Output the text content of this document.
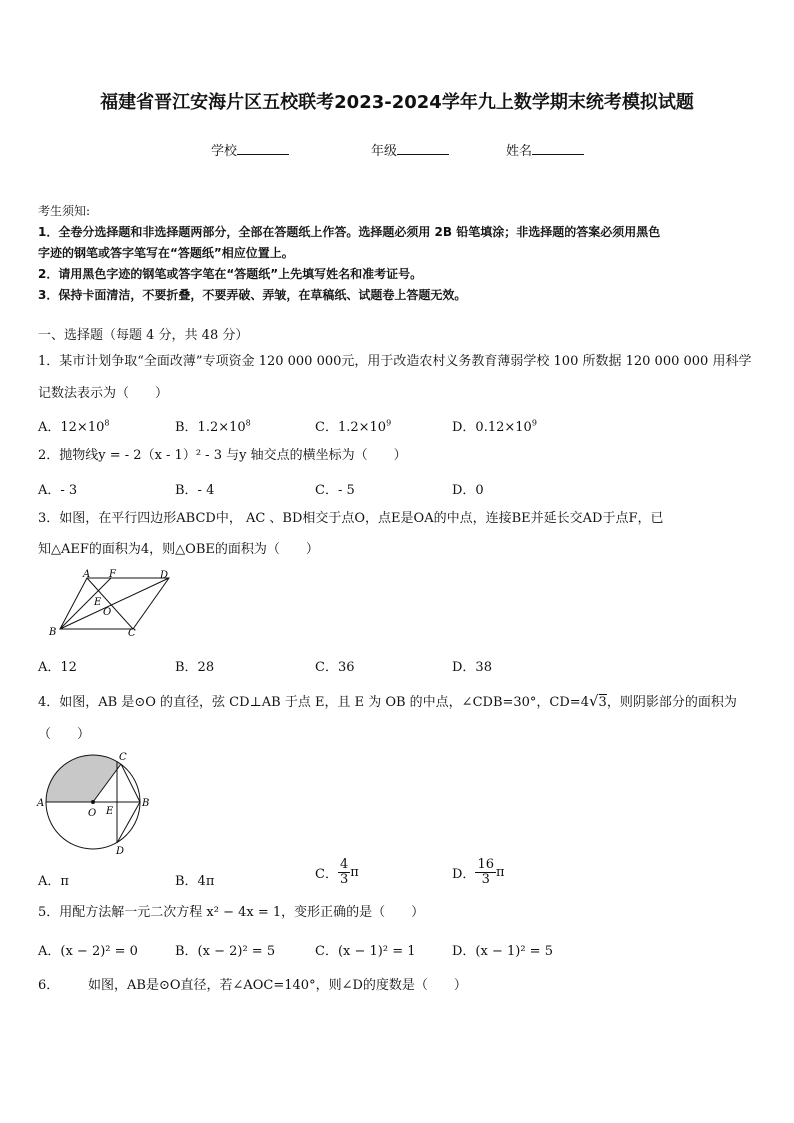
福建省晋江安海片区五校联考2023-2024学年九上数学期末统考模拟试题
学校	年级	姓名
考生须知:
1．全卷分选择题和非选择题两部分，全部在答题纸上作答。选择题必须用 2B 铅笔填涂；非选择题的答案必须用黑色
字迹的钢笔或答字笔写在“答题纸”相应位置上。
2．请用黑色字迹的钢笔或答字笔在“答题纸”上先填写姓名和准考证号。
3．保持卡面清洁，不要折叠，不要弄破、弄皱，在草稿纸、试题卷上答题无效。
一、选择题（每题 4 分，共 48 分）
1．某市计划争取“全面改薄”专项资金 120 000 000元，用于改造农村义务教育薄弱学校 100 所数据 120 000 000 用科学
记数法表示为（　　）
A．$12\times 10^8$	B．$1.2\times 10^8$	C．$1.2\times 10^9$	D．$0.12\times 10^9$
2．抛物线y = - 2（x - 1）² - 3 与y 轴交点的横坐标为（　　）
A．- 3	B．- 4	C．- 5	D．0
3．如图，在平行四边形ABCD中， AC 、BD相交于点O，点E是OA的中点，连接BE并延长交AD于点F，已
知△AEF的面积为4，则△OBE的面积为（　　）
A F	D
E
O
B	C
A．12	B．28	C．36	D．38
4．如图，AB 是⊙O 的直径，弦 CD⊥AB 于点 E，且 E 为 OB 的中点，∠CDB=30°，CD=4√3，则阴影部分的面积为
（　　）
C
A
O E
B
D
A．π	B．4π	C． $\frac{4}{3}$ π	D． $\frac{16}{3}$ π
5．用配方法解一元二次方程 x² − 4x = 1，变形正确的是（　　）
A．(x − 2)² = 0	B．(x − 2)² = 5	C．(x − 1)² = 1	D．(x − 1)² = 5
6． 如图，AB是⊙O直径，若∠AOC=140°，则∠D的度数是（　　）
